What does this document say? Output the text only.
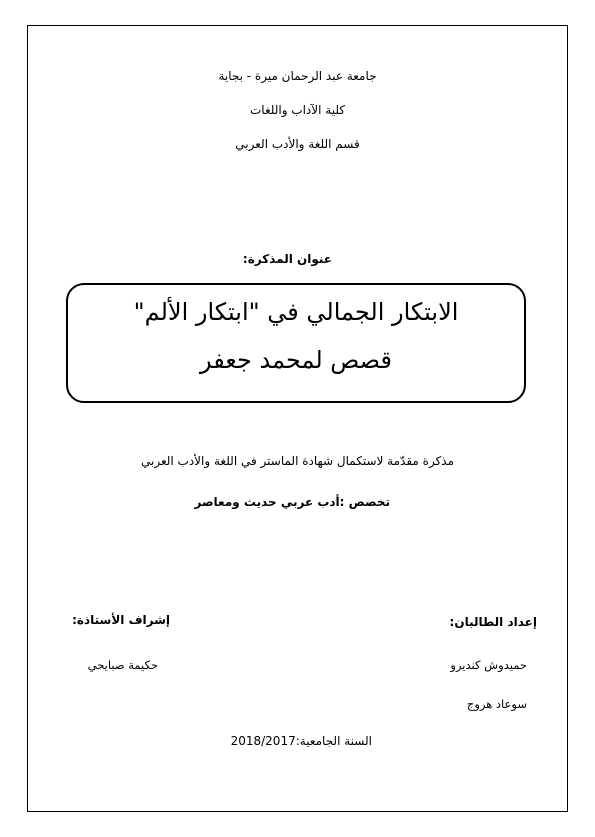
جامعة عبد الرحمان ميرة - بجاية
كلية الآداب واللغات
قسم اللغة والأدب العربي
عنوان المذكرة:
الابتكار الجمالي في "ابتكار الألم"
قصص لمحمد جعفر
مذكرة مقدّمة لاستكمال شهادة الماستر في اللغة والأدب العربي
تخصص :أدب عربي حديث ومعاصر
إعداد الطالبان:
إشراف الأستاذة:
حميدوش كنديرو
حكيمة صبايحي
سوعاد هروج
السنة الجامعية:2018/2017
